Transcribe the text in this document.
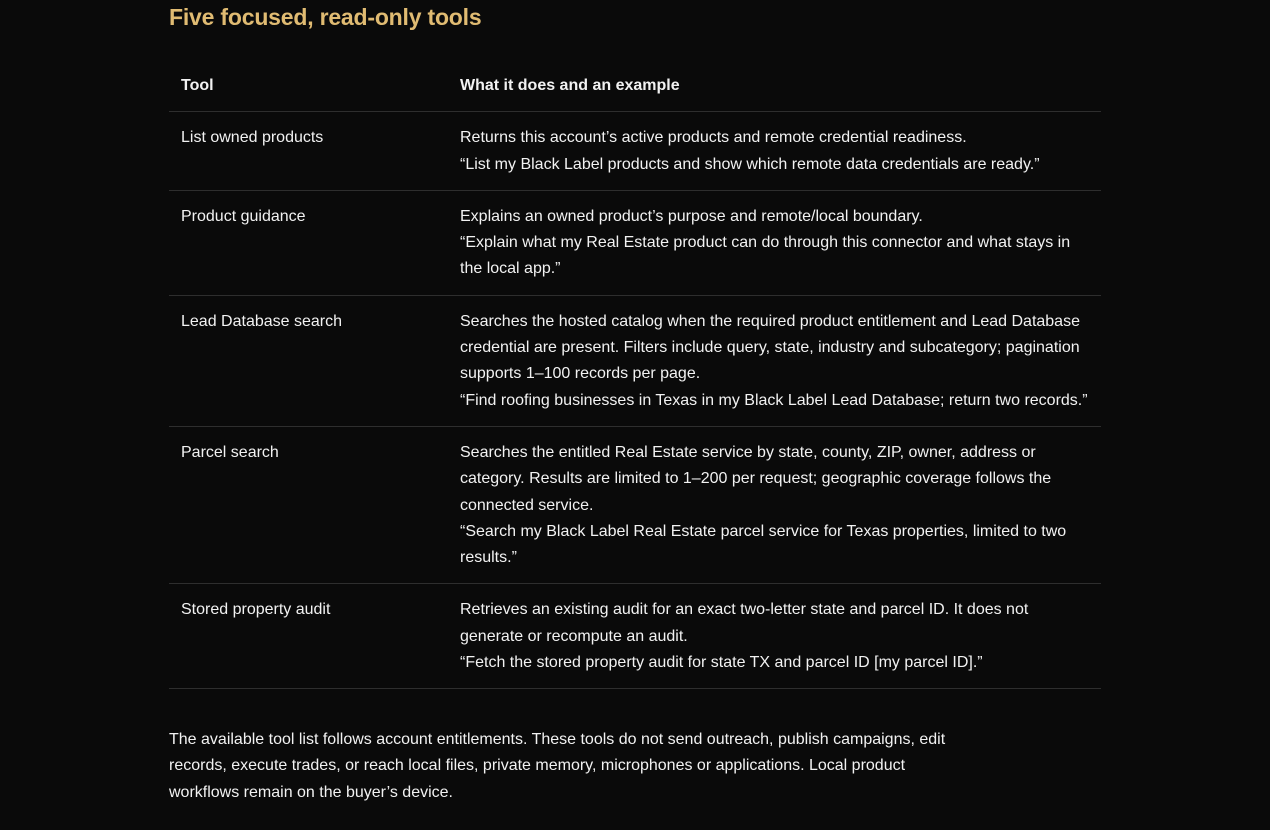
Five focused, read-only tools
Tool	What it does and an example
List owned products	Returns this account’s active products and remote credential readiness.
“List my Black Label products and show which remote data credentials are ready.”

Product guidance	Explains an owned product’s purpose and remote/local boundary.
“Explain what my Real Estate product can do through this connector and what stays in the local app.”

Lead Database search	Searches the hosted catalog when the required product entitlement and Lead Database credential are present. Filters include query, state, industry and subcategory; pagination supports 1–100 records per page.
“Find roofing businesses in Texas in my Black Label Lead Database; return two records.”

Parcel search	Searches the entitled Real Estate service by state, county, ZIP, owner, address or category. Results are limited to 1–200 per request; geographic coverage follows the connected service.
“Search my Black Label Real Estate parcel service for Texas properties, limited to two results.”

Stored property audit	Retrieves an existing audit for an exact two-letter state and parcel ID. It does not generate or recompute an audit.
“Fetch the stored property audit for state TX and parcel ID [my parcel ID].”

The available tool list follows account entitlements. These tools do not send outreach, publish campaigns, edit records, execute trades, or reach local files, private memory, microphones or applications. Local product workflows remain on the buyer’s device.
